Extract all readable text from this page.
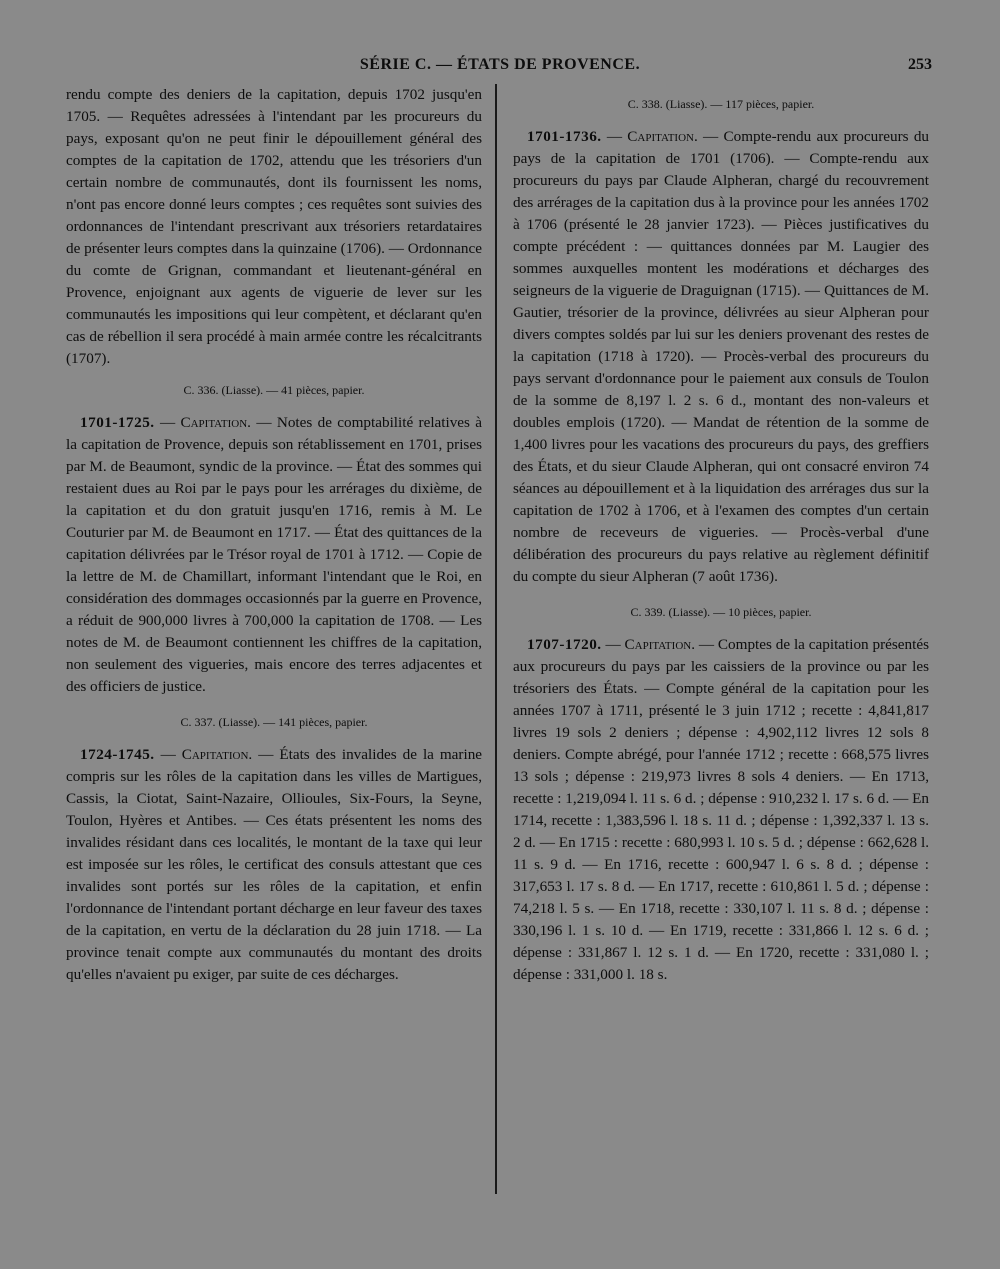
SÉRIE C. — ÉTATS DE PROVENCE.	253

rendu compte des deniers de la capitation, depuis 1702 jusqu'en 1705. — Requêtes adressées à l'intendant par les procureurs du pays, exposant qu'on ne peut finir le dépouillement général des comptes de la capitation de 1702, attendu que les trésoriers d'un certain nombre de communautés, dont ils fournissent les noms, n'ont pas encore donné leurs comptes ; ces requêtes sont suivies des ordonnances de l'intendant prescrivant aux trésoriers retardataires de présenter leurs comptes dans la quinzaine (1706). — Ordonnance du comte de Grignan, commandant et lieutenant-général en Provence, enjoignant aux agents de viguerie de lever sur les communautés les impositions qui leur compètent, et déclarant qu'en cas de rébellion il sera procédé à main armée contre les récalcitrants (1707).

C. 336. (Liasse). — 41 pièces, papier.

1701-1725. — Capitation. — Notes de comptabilité relatives à la capitation de Provence, depuis son rétablissement en 1701, prises par M. de Beaumont, syndic de la province. — État des sommes qui restaient dues au Roi par le pays pour les arrérages du dixième, de la capitation et du don gratuit jusqu'en 1716, remis à M. Le Couturier par M. de Beaumont en 1717. — État des quittances de la capitation délivrées par le Trésor royal de 1701 à 1712. — Copie de la lettre de M. de Chamillart, informant l'intendant que le Roi, en considération des dommages occasionnés par la guerre en Provence, a réduit de 900,000 livres à 700,000 la capitation de 1708. — Les notes de M. de Beaumont contiennent les chiffres de la capitation, non seulement des vigueries, mais encore des terres adjacentes et des officiers de justice.

C. 337. (Liasse). — 141 pièces, papier.

1724-1745. — Capitation. — États des invalides de la marine compris sur les rôles de la capitation dans les villes de Martigues, Cassis, la Ciotat, Saint-Nazaire, Ollioules, Six-Fours, la Seyne, Toulon, Hyères et Antibes. — Ces états présentent les noms des invalides résidant dans ces localités, le montant de la taxe qui leur est imposée sur les rôles, le certificat des consuls attestant que ces invalides sont portés sur les rôles de la capitation, et enfin l'ordonnance de l'intendant portant décharge en leur faveur des taxes de la capitation, en vertu de la déclaration du 28 juin 1718. — La province tenait compte aux communautés du montant des droits qu'elles n'avaient pu exiger, par suite de ces décharges.

C. 338. (Liasse). — 117 pièces, papier.

1701-1736. — Capitation. — Compte-rendu aux procureurs du pays de la capitation de 1701 (1706). — Compte-rendu aux procureurs du pays par Claude Alpheran, chargé du recouvrement des arrérages de la capitation dus à la province pour les années 1702 à 1706 (présenté le 28 janvier 1723). — Pièces justificatives du compte précédent : — quittances données par M. Laugier des sommes auxquelles montent les modérations et décharges des seigneurs de la viguerie de Draguignan (1715). — Quittances de M. Gautier, trésorier de la province, délivrées au sieur Alpheran pour divers comptes soldés par lui sur les deniers provenant des restes de la capitation (1718 à 1720). — Procès-verbal des procureurs du pays servant d'ordonnance pour le paiement aux consuls de Toulon de la somme de 8,197 l. 2 s. 6 d., montant des non-valeurs et doubles emplois (1720). — Mandat de rétention de la somme de 1,400 livres pour les vacations des procureurs du pays, des greffiers des États, et du sieur Claude Alpheran, qui ont consacré environ 74 séances au dépouillement et à la liquidation des arrérages dus sur la capitation de 1702 à 1706, et à l'examen des comptes d'un certain nombre de receveurs de vigueries. — Procès-verbal d'une délibération des procureurs du pays relative au règlement définitif du compte du sieur Alpheran (7 août 1736).

C. 339. (Liasse). — 10 pièces, papier.

1707-1720. — Capitation. — Comptes de la capitation présentés aux procureurs du pays par les caissiers de la province ou par les trésoriers des États. — Compte général de la capitation pour les années 1707 à 1711, présenté le 3 juin 1712 ; recette : 4,841,817 livres 19 sols 2 deniers ; dépense : 4,902,112 livres 12 sols 8 deniers. Compte abrégé, pour l'année 1712 ; recette : 668,575 livres 13 sols ; dépense : 219,973 livres 8 sols 4 deniers. — En 1713, recette : 1,219,094 l. 11 s. 6 d. ; dépense : 910,232 l. 17 s. 6 d. — En 1714, recette : 1,383,596 l. 18 s. 11 d. ; dépense : 1,392,337 l. 13 s. 2 d. — En 1715 : recette : 680,993 l. 10 s. 5 d. ; dépense : 662,628 l. 11 s. 9 d. — En 1716, recette : 600,947 l. 6 s. 8 d. ; dépense : 317,653 l. 17 s. 8 d. — En 1717, recette : 610,861 l. 5 d. ; dépense : 74,218 l. 5 s. — En 1718, recette : 330,107 l. 11 s. 8 d. ; dépense : 330,196 l. 1 s. 10 d. — En 1719, recette : 331,866 l. 12 s. 6 d. ; dépense : 331,867 l. 12 s. 1 d. — En 1720, recette : 331,080 l. ; dépense : 331,000 l. 18 s.
